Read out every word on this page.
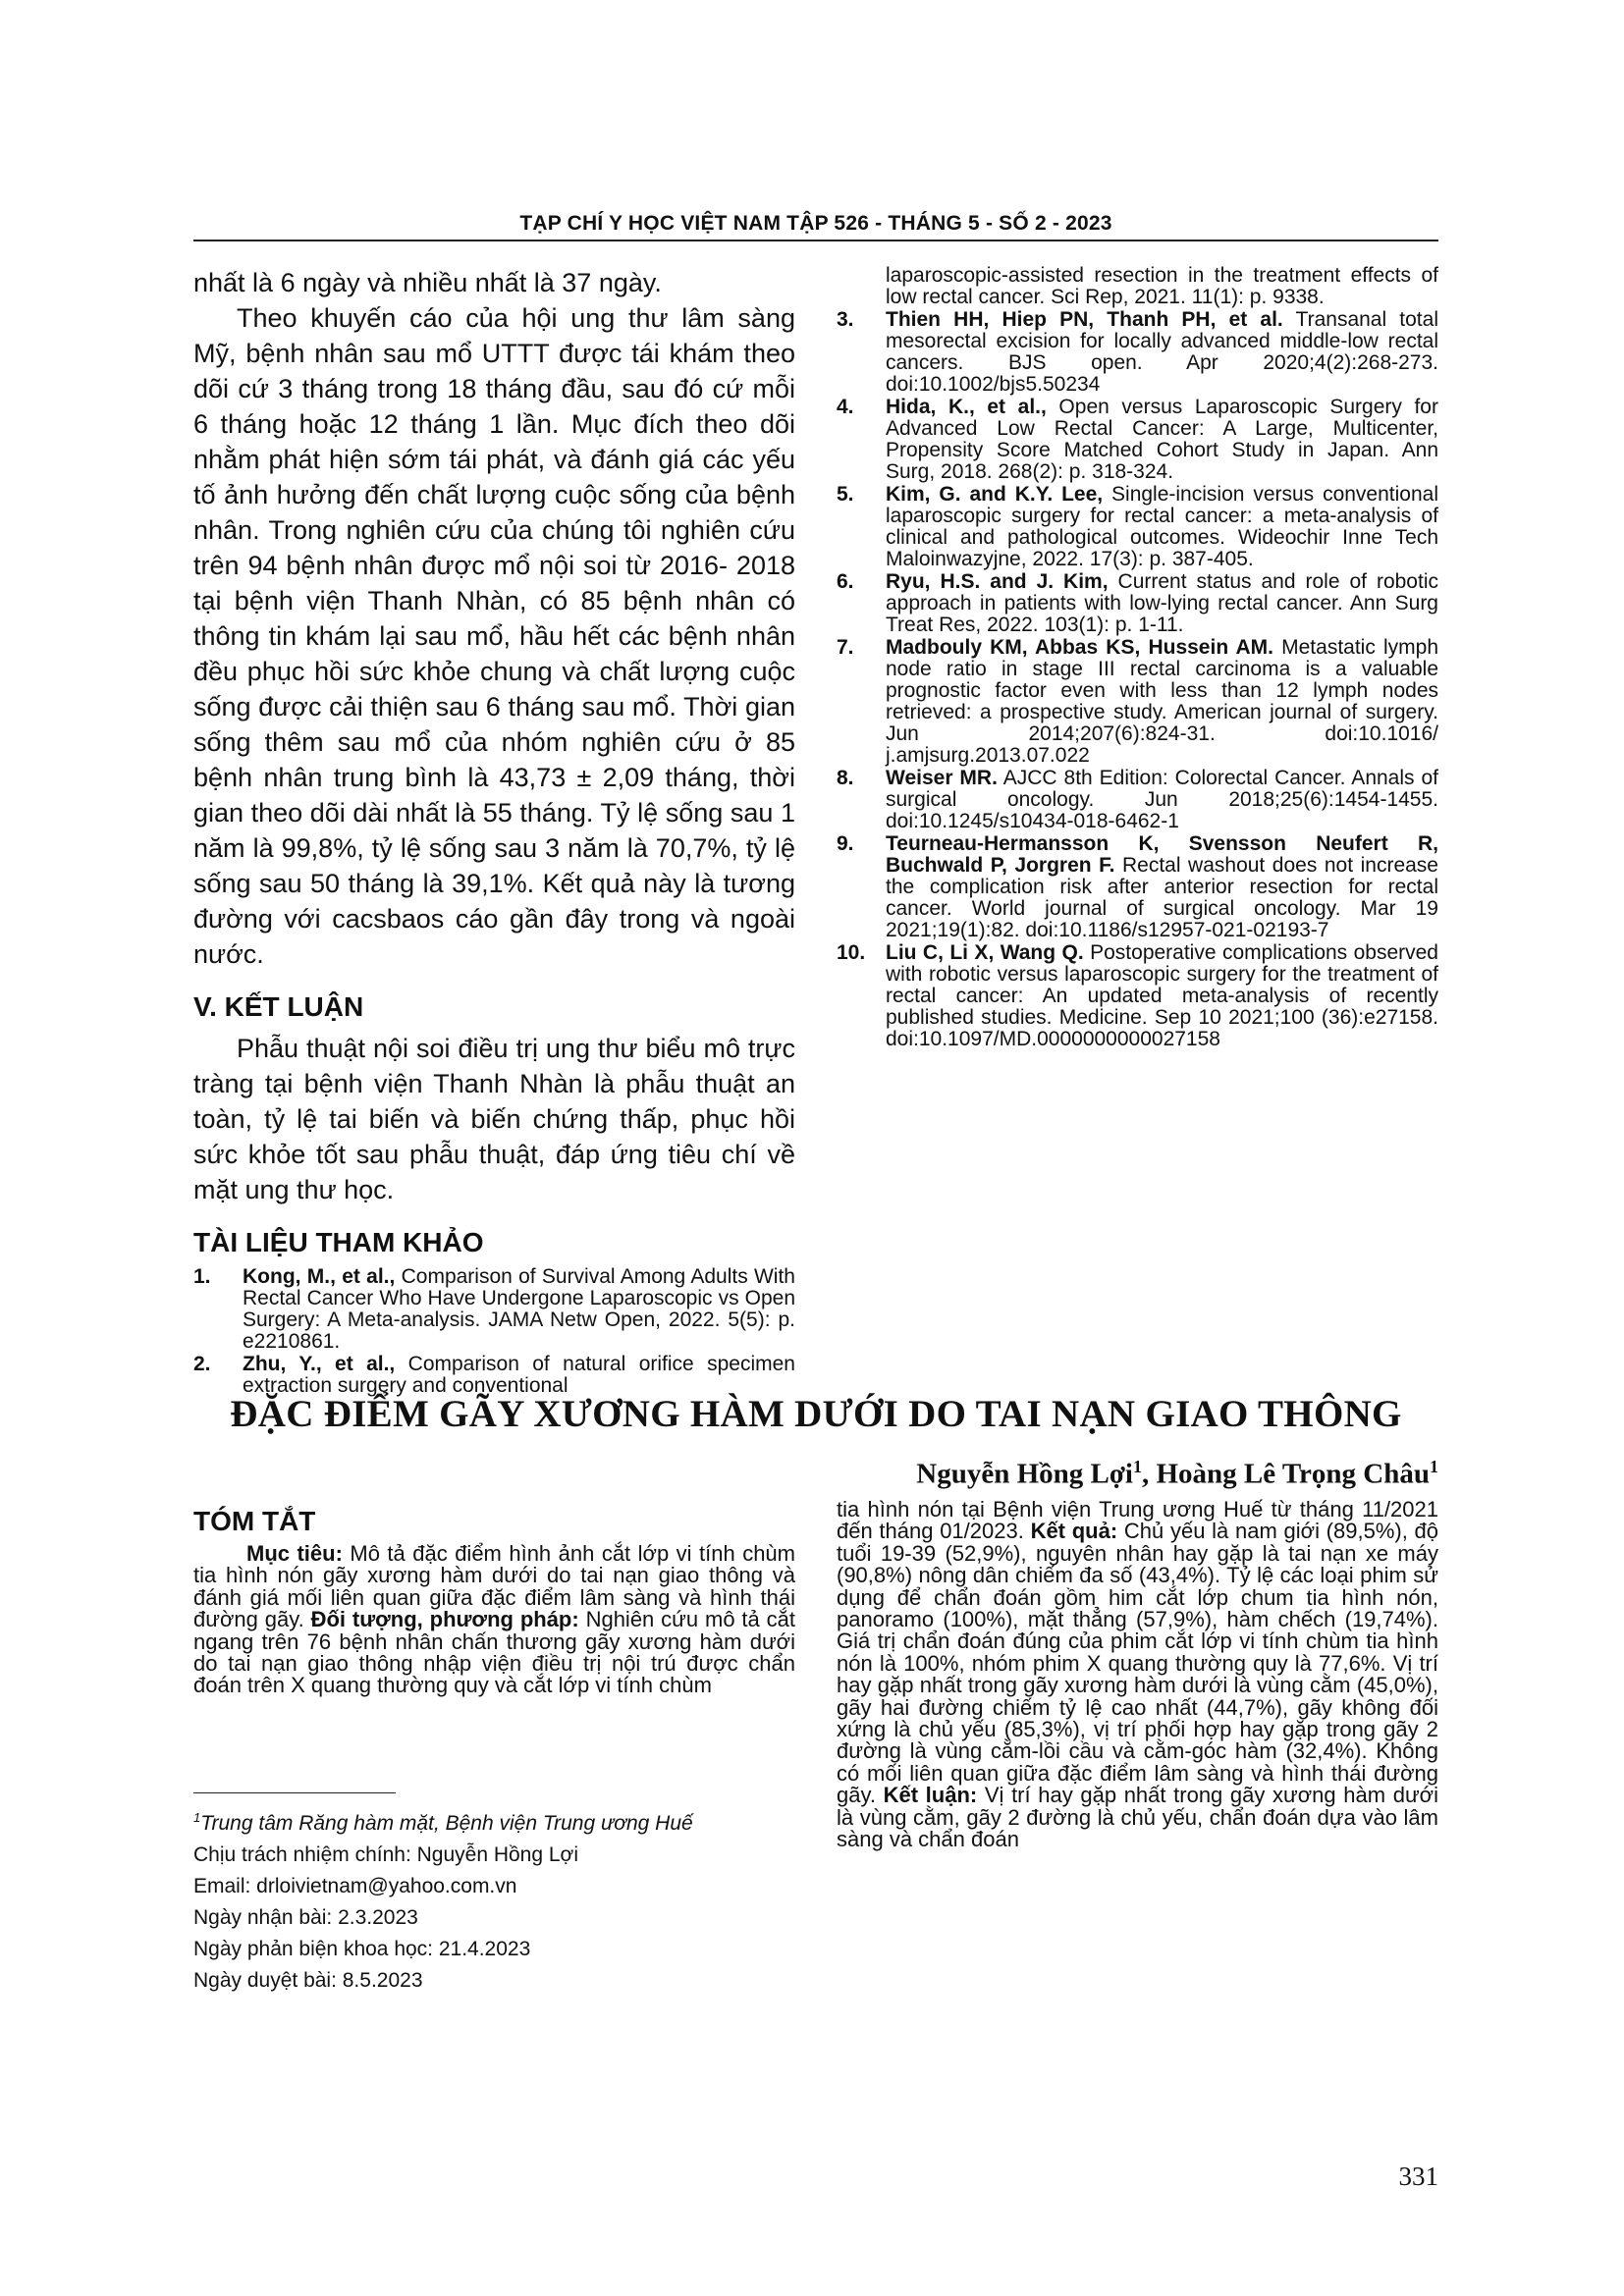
TẠP CHÍ Y HỌC VIỆT NAM TẬP 526 - THÁNG 5 - SỐ 2 - 2023

nhất là 6 ngày và nhiều nhất là 37 ngày.

Theo khuyến cáo của hội ung thư lâm sàng Mỹ, bệnh nhân sau mổ UTTT được tái khám theo dõi cứ 3 tháng trong 18 tháng đầu, sau đó cứ mỗi 6 tháng hoặc 12 tháng 1 lần. Mục đích theo dõi nhằm phát hiện sớm tái phát, và đánh giá các yếu tố ảnh hưởng đến chất lượng cuộc sống của bệnh nhân. Trong nghiên cứu của chúng tôi nghiên cứu trên 94 bệnh nhân được mổ nội soi từ 2016- 2018 tại bệnh viện Thanh Nhàn, có 85 bệnh nhân có thông tin khám lại sau mổ, hầu hết các bệnh nhân đều phục hồi sức khỏe chung và chất lượng cuộc sống được cải thiện sau 6 tháng sau mổ. Thời gian sống thêm sau mổ của nhóm nghiên cứu ở 85 bệnh nhân trung bình là 43,73 ± 2,09 tháng, thời gian theo dõi dài nhất là 55 tháng. Tỷ lệ sống sau 1 năm là 99,8%, tỷ lệ sống sau 3 năm là 70,7%, tỷ lệ sống sau 50 tháng là 39,1%. Kết quả này là tương đường với cacsbaos cáo gần đây trong và ngoài nước.

V. KẾT LUẬN

Phẫu thuật nội soi điều trị ung thư biểu mô trực tràng tại bệnh viện Thanh Nhàn là phẫu thuật an toàn, tỷ lệ tai biến và biến chứng thấp, phục hồi sức khỏe tốt sau phẫu thuật, đáp ứng tiêu chí về mặt ung thư học.

TÀI LIỆU THAM KHẢO
1. Kong, M., et al., Comparison of Survival Among Adults With Rectal Cancer Who Have Undergone Laparoscopic vs Open Surgery: A Meta-analysis. JAMA Netw Open, 2022. 5(5): p. e2210861.
2. Zhu, Y., et al., Comparison of natural orifice specimen extraction surgery and conventional
laparoscopic-assisted resection in the treatment effects of low rectal cancer. Sci Rep, 2021. 11(1): p. 9338.
3. Thien HH, Hiep PN, Thanh PH, et al. Transanal total mesorectal excision for locally advanced middle-low rectal cancers. BJS open. Apr 2020;4(2):268-273. doi:10.1002/bjs5.50234
4. Hida, K., et al., Open versus Laparoscopic Surgery for Advanced Low Rectal Cancer: A Large, Multicenter, Propensity Score Matched Cohort Study in Japan. Ann Surg, 2018. 268(2): p. 318-324.
5. Kim, G. and K.Y. Lee, Single-incision versus conventional laparoscopic surgery for rectal cancer: a meta-analysis of clinical and pathological outcomes. Wideochir Inne Tech Maloinwazyjne, 2022. 17(3): p. 387-405.
6. Ryu, H.S. and J. Kim, Current status and role of robotic approach in patients with low-lying rectal cancer. Ann Surg Treat Res, 2022. 103(1): p. 1-11.
7. Madbouly KM, Abbas KS, Hussein AM. Metastatic lymph node ratio in stage III rectal carcinoma is a valuable prognostic factor even with less than 12 lymph nodes retrieved: a prospective study. American journal of surgery. Jun 2014;207(6):824-31. doi:10.1016/ j.amjsurg.2013.07.022
8. Weiser MR. AJCC 8th Edition: Colorectal Cancer. Annals of surgical oncology. Jun 2018;25(6):1454-1455. doi:10.1245/s10434-018-6462-1
9. Teurneau-Hermansson K, Svensson Neufert R, Buchwald P, Jorgren F. Rectal washout does not increase the complication risk after anterior resection for rectal cancer. World journal of surgical oncology. Mar 19 2021;19(1):82. doi:10.1186/s12957-021-02193-7
10. Liu C, Li X, Wang Q. Postoperative complications observed with robotic versus laparoscopic surgery for the treatment of rectal cancer: An updated meta-analysis of recently published studies. Medicine. Sep 10 2021;100 (36):e27158. doi:10.1097/MD.0000000000027158
ĐẶC ĐIỂM GÃY XƯƠNG HÀM DƯỚI DO TAI NẠN GIAO THÔNG
Nguyễn Hồng Lợi$^1$, Hoàng Lê Trọng Châu$^1$
TÓM TẮT

Mục tiêu: Mô tả đặc điểm hình ảnh cắt lớp vi tính chùm tia hình nón gãy xương hàm dưới do tai nạn giao thông và đánh giá mối liên quan giữa đặc điểm lâm sàng và hình thái đường gãy. Đối tượng, phương pháp: Nghiên cứu mô tả cắt ngang trên 76 bệnh nhân chấn thương gãy xương hàm dưới do tai nạn giao thông nhập viện điều trị nội trú được chẩn đoán trên X quang thường quy và cắt lớp vi tính chùm

tia hình nón tại Bệnh viện Trung ương Huế từ tháng 11/2021 đến tháng 01/2023. Kết quả: Chủ yếu là nam giới (89,5%), độ tuổi 19-39 (52,9%), nguyên nhân hay gặp là tai nạn xe máy (90,8%) nông dân chiếm đa số (43,4%). Tỷ lệ các loại phim sử dụng để chẩn đoán gồm him cắt lớp chum tia hình nón, panoramo (100%), mặt thẳng (57,9%), hàm chếch (19,74%). Giá trị chẩn đoán đúng của phim cắt lớp vi tính chùm tia hình nón là 100%, nhóm phim X quang thường quy là 77,6%. Vị trí hay gặp nhất trong gãy xương hàm dưới là vùng cằm (45,0%), gãy hai đường chiếm tỷ lệ cao nhất (44,7%), gãy không đối xứng là chủ yếu (85,3%), vị trí phối hợp hay gặp trong gãy 2 đường là vùng cằm-lồi cầu và cằm-góc hàm (32,4%). Không có mối liên quan giữa đặc điểm lâm sàng và hình thái đường gãy. Kết luận: Vị trí hay gặp nhất trong gãy xương hàm dưới là vùng cằm, gãy 2 đường là chủ yếu, chẩn đoán dựa vào lâm sàng và chẩn đoán

$^1$Trung tâm Răng hàm mặt, Bệnh viện Trung ương Huế

Chịu trách nhiệm chính: Nguyễn Hồng Lợi

Email: drloivietnam@yahoo.com.vn

Ngày nhận bài: 2.3.2023

Ngày phản biện khoa học: 21.4.2023

Ngày duyệt bài: 8.5.2023

331
